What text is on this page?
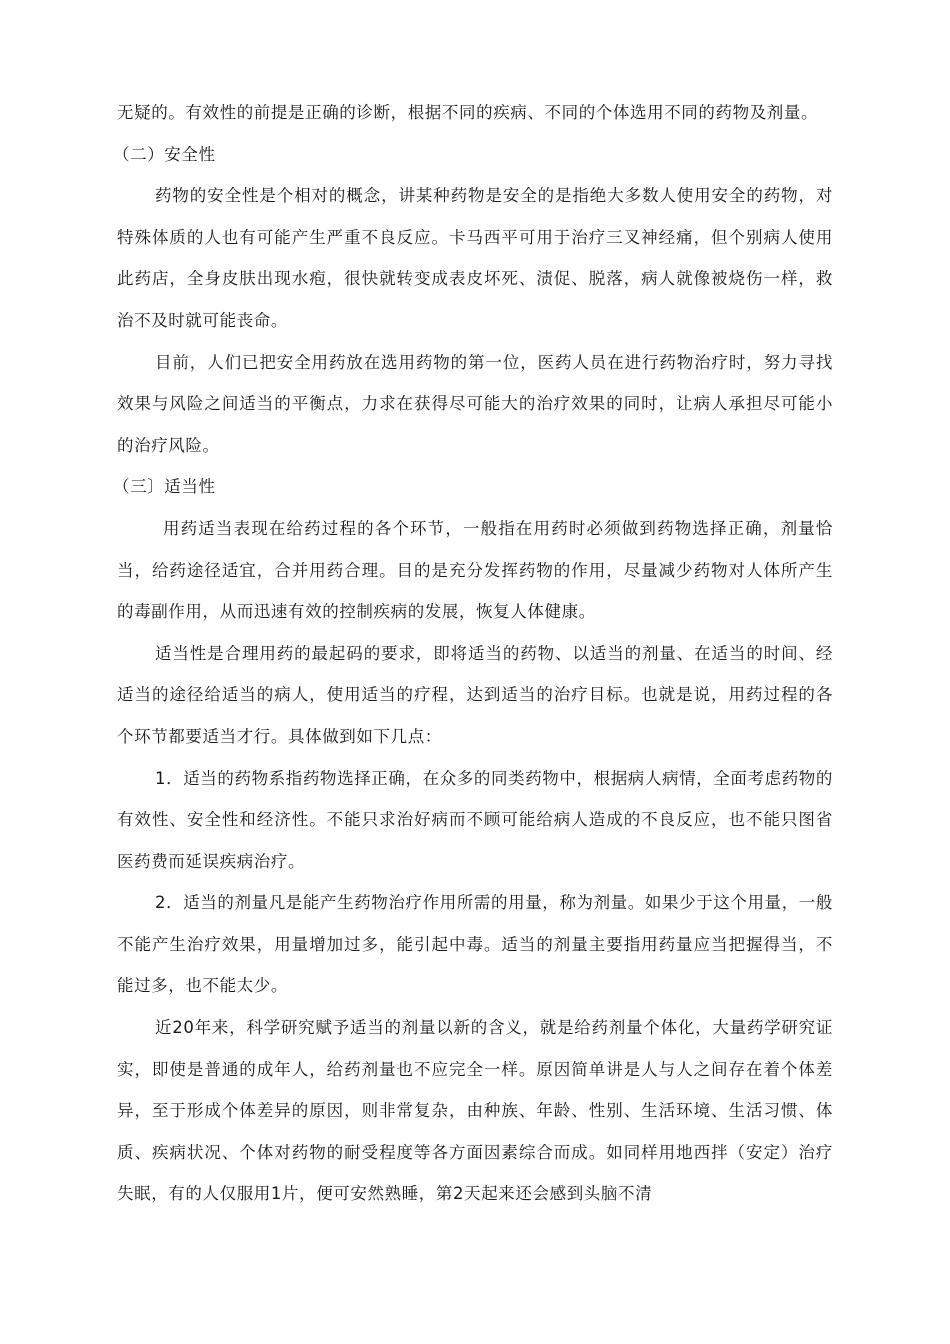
无疑的。有效性的前提是正确的诊断，根据不同的疾病、不同的个体选用不同的药物及剂量。

（二）安全性

药物的安全性是个相对的概念，讲某种药物是安全的是指绝大多数人使用安全的药物，对特殊体质的人也有可能产生严重不良反应。卡马西平可用于治疗三叉神经痛，但个别病人使用此药店，全身皮肤出现水疱，很快就转变成表皮坏死、渍促、脱落，病人就像被烧伤一样，救治不及时就可能丧命。

目前，人们已把安全用药放在选用药物的第一位，医药人员在进行药物治疗时，努力寻找效果与风险之间适当的平衡点，力求在获得尽可能大的治疗效果的同时，让病人承担尽可能小的治疗风险。

（三〕适当性

用药适当表现在给药过程的各个环节，一般指在用药时必须做到药物选择正确，剂量恰当，给药途径适宜，合并用药合理。目的是充分发挥药物的作用，尽量减少药物对人体所产生的毒副作用，从而迅速有效的控制疾病的发展，恢复人体健康。

适当性是合理用药的最起码的要求，即将适当的药物、以适当的剂量、在适当的时间、经适当的途径给适当的病人，使用适当的疗程，达到适当的治疗目标。也就是说，用药过程的各个环节都要适当才行。具体做到如下几点：

1．适当的药物系指药物选择正确，在众多的同类药物中，根据病人病情，全面考虑药物的有效性、安全性和经济性。不能只求治好病而不顾可能给病人造成的不良反应，也不能只图省医药费而延误疾病治疗。

2．适当的剂量凡是能产生药物治疗作用所需的用量，称为剂量。如果少于这个用量，一般不能产生治疗效果，用量增加过多，能引起中毒。适当的剂量主要指用药量应当把握得当，不能过多，也不能太少。

近20年来，科学研究赋予适当的剂量以新的含义，就是给药剂量个体化，大量药学研究证实，即使是普通的成年人，给药剂量也不应完全一样。原因简单讲是人与人之间存在着个体差异，至于形成个体差异的原因，则非常复杂，由种族、年龄、性别、生活环境、生活习惯、体质、疾病状况、个体对药物的耐受程度等各方面因素综合而成。如同样用地西拌（安定）治疗失眠，有的人仅服用1片，便可安然熟睡，第2天起来还会感到头脑不清
